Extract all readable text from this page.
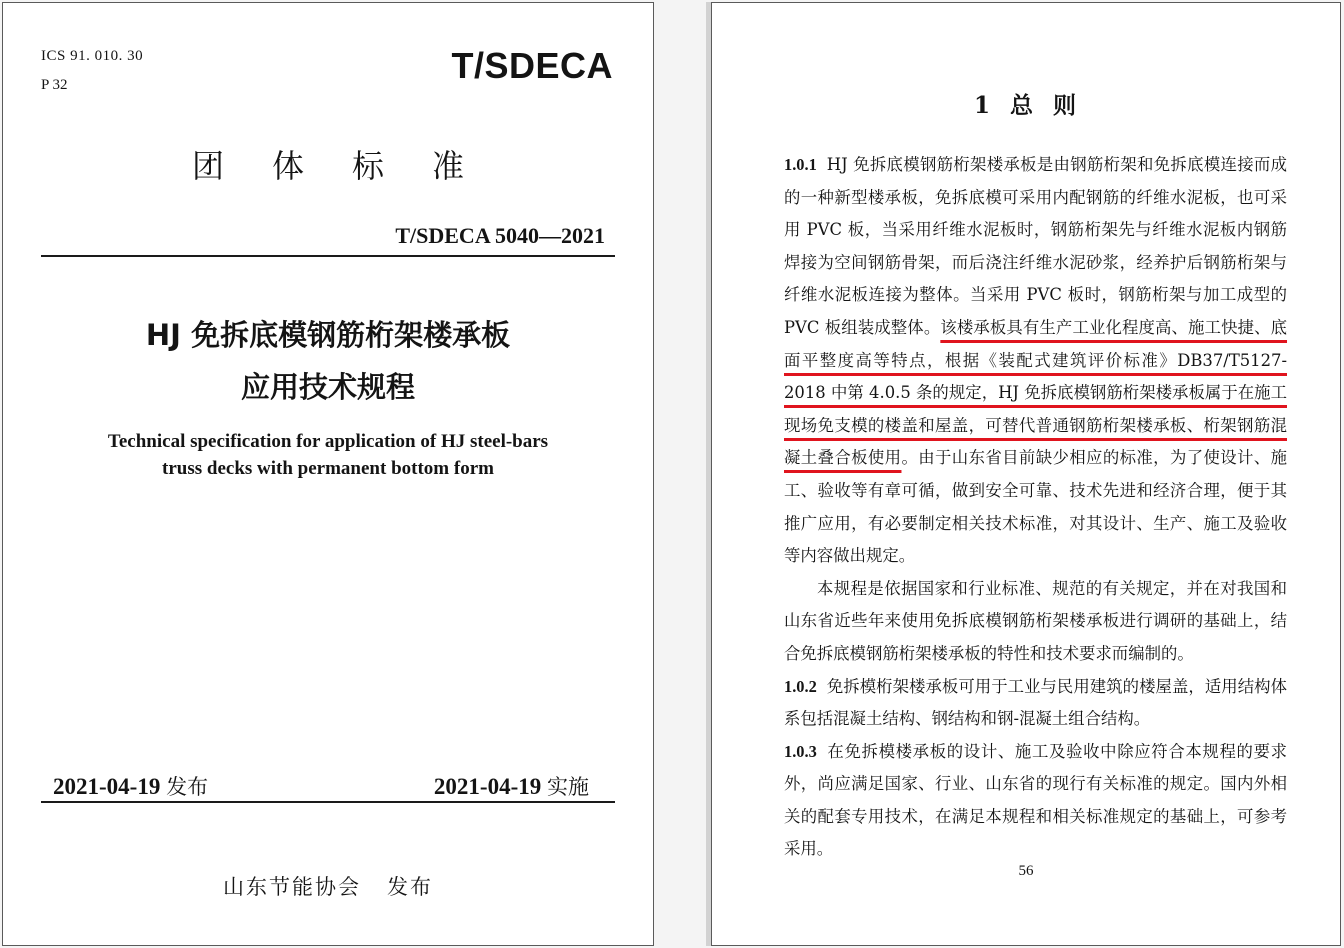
ICS 91. 010. 30

P 32	T/SDECA

团体标准

T/SDECA 5040—2021

HJ 免拆底模钢筋桁架楼承板

应用技术规程

Technical specification for application of HJ steel-bars

truss decks with permanent bottom form

2021-04-19 发布	2021-04-19 实施

山东节能协会 发布

1 总 则

1.0.1 HJ 免拆底模钢筋桁架楼承板是由钢筋桁架和免拆底模连接而成的一种新型楼承板，免拆底模可采用内配钢筋的纤维水泥板，也可采用 PVC 板，当采用纤维水泥板时，钢筋桁架先与纤维水泥板内钢筋焊接为空间钢筋骨架，而后浇注纤维水泥砂浆，经养护后钢筋桁架与纤维水泥板连接为整体。当采用 PVC 板时，钢筋桁架与加工成型的 PVC 板组装成整体。该楼承板具有生产工业化程度高、施工快捷、底面平整度高等特点，根据《装配式建筑评价标准》DB37/T5127-2018 中第 4.0.5 条的规定，HJ 免拆底模钢筋桁架楼承板属于在施工现场免支模的楼盖和屋盖，可替代普通钢筋桁架楼承板、桁架钢筋混凝土叠合板使用。由于山东省目前缺少相应的标准，为了使设计、施工、验收等有章可循，做到安全可靠、技术先进和经济合理，便于其推广应用，有必要制定相关技术标准，对其设计、生产、施工及验收等内容做出规定。

本规程是依据国家和行业标准、规范的有关规定，并在对我国和山东省近些年来使用免拆底模钢筋桁架楼承板进行调研的基础上，结合免拆底模钢筋桁架楼承板的特性和技术要求而编制的。

1.0.2 免拆模桁架楼承板可用于工业与民用建筑的楼屋盖，适用结构体系包括混凝土结构、钢结构和钢-混凝土组合结构。

1.0.3 在免拆模楼承板的设计、施工及验收中除应符合本规程的要求外，尚应满足国家、行业、山东省的现行有关标准的规定。国内外相关的配套专用技术，在满足本规程和相关标准规定的基础上，可参考采用。

56
